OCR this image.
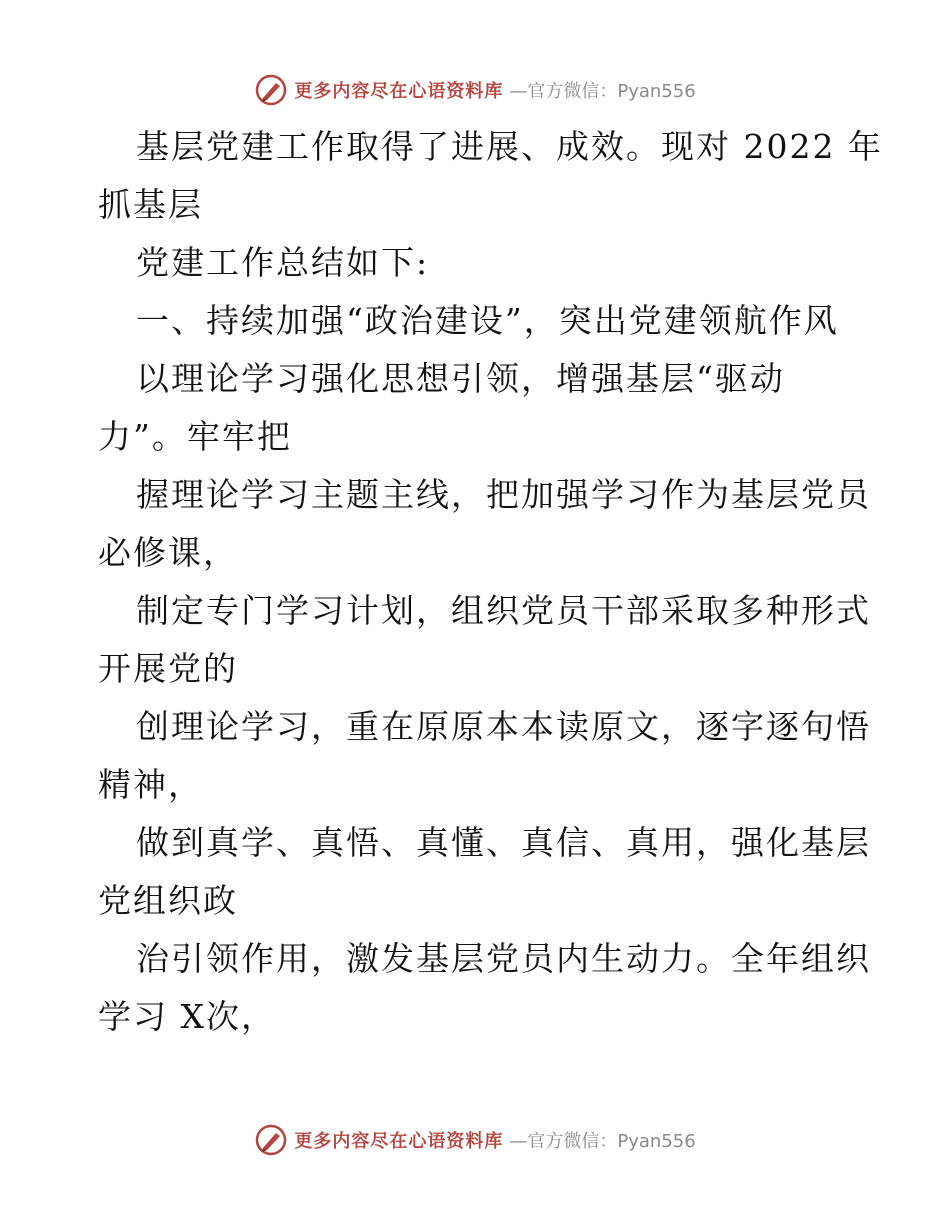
更多内容尽在心语资料库 —官方微信：Pyan556
基层党建工作取得了进展、成效。现对 2022 年
抓基层
党建工作总结如下:
一、持续加强“政治建设”，突出党建领航作风
以理论学习强化思想引领，增强基层“驱动
力”。牢牢把
握理论学习主题主线，把加强学习作为基层党员
必修课，
制定专门学习计划，组织党员干部采取多种形式
开展党的
创理论学习，重在原原本本读原文，逐字逐句悟
精神，
做到真学、真悟、真懂、真信、真用，强化基层
党组织政
治引领作用，激发基层党员内生动力。全年组织
学习 X次，
更多内容尽在心语资料库 —官方微信：Pyan556
